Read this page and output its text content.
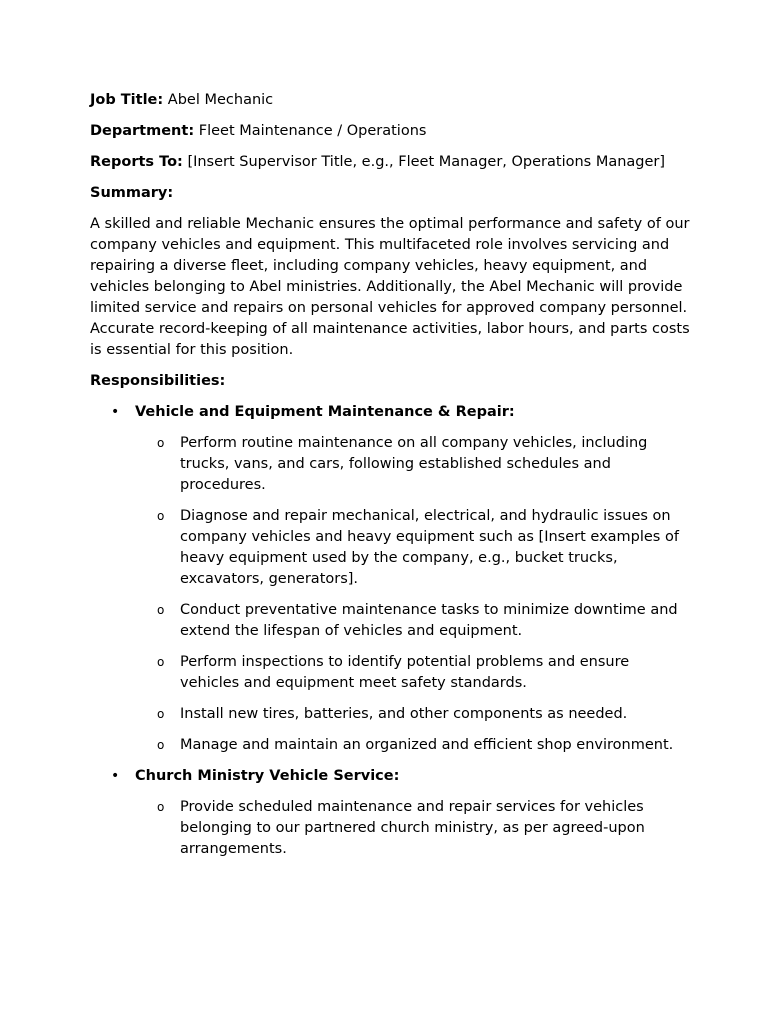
Job Title: Abel Mechanic

Department: Fleet Maintenance / Operations

Reports To: [Insert Supervisor Title, e.g., Fleet Manager, Operations Manager]

Summary:

A skilled and reliable Mechanic ensures the optimal performance and safety of our company vehicles and equipment. This multifaceted role involves servicing and repairing a diverse fleet, including company vehicles, heavy equipment, and vehicles belonging to Abel ministries. Additionally, the Abel Mechanic will provide limited service and repairs on personal vehicles for approved company personnel. Accurate record-keeping of all maintenance activities, labor hours, and parts costs is essential for this position.

Responsibilities:

• Vehicle and Equipment Maintenance & Repair:
o Perform routine maintenance on all company vehicles, including trucks, vans, and cars, following established schedules and procedures.
o Diagnose and repair mechanical, electrical, and hydraulic issues on company vehicles and heavy equipment such as [Insert examples of heavy equipment used by the company, e.g., bucket trucks, excavators, generators].
o Conduct preventative maintenance tasks to minimize downtime and extend the lifespan of vehicles and equipment.
o Perform inspections to identify potential problems and ensure vehicles and equipment meet safety standards.
o Install new tires, batteries, and other components as needed.
o Manage and maintain an organized and efficient shop environment.
• Church Ministry Vehicle Service:
o Provide scheduled maintenance and repair services for vehicles belonging to our partnered church ministry, as per agreed-upon arrangements.
